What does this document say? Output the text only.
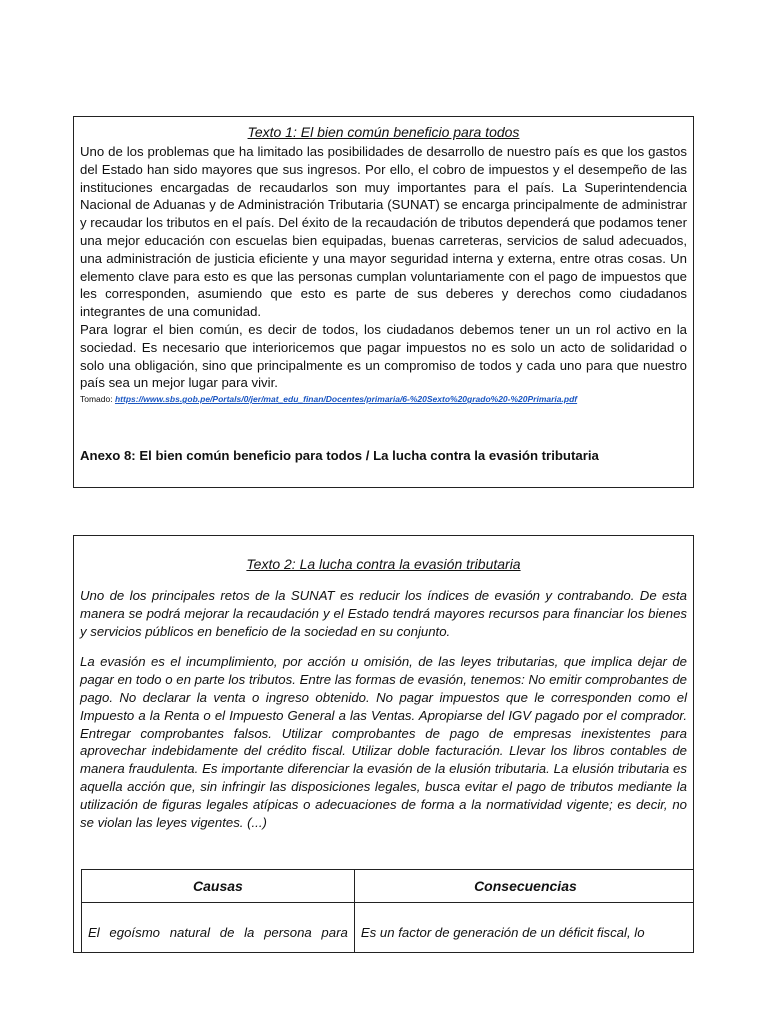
Texto 1: El bien común beneficio para todos

Uno de los problemas que ha limitado las posibilidades de desarrollo de nuestro país es que los gastos del Estado han sido mayores que sus ingresos. Por ello, el cobro de impuestos y el desempeño de las instituciones encargadas de recaudarlos son muy importantes para el país. La Superintendencia Nacional de Aduanas y de Administración Tributaria (SUNAT) se encarga principalmente de administrar y recaudar los tributos en el país. Del éxito de la recaudación de tributos dependerá que podamos tener una mejor educación con escuelas bien equipadas, buenas carreteras, servicios de salud adecuados, una administración de justicia eficiente y una mayor seguridad interna y externa, entre otras cosas. Un elemento clave para esto es que las personas cumplan voluntariamente con el pago de impuestos que les corresponden, asumiendo que esto es parte de sus deberes y derechos como ciudadanos integrantes de una comunidad.

Para lograr el bien común, es decir de todos, los ciudadanos debemos tener un un rol activo en la sociedad. Es necesario que interioricemos que pagar impuestos no es solo un acto de solidaridad o solo una obligación, sino que principalmente es un compromiso de todos y cada uno para que nuestro país sea un mejor lugar para vivir.

Tomado: https://www.sbs.gob.pe/Portals/0/jer/mat_edu_finan/Docentes/primaria/6-%20Sexto%20grado%20-%20Primaria.pdf

Anexo 8: El bien común beneficio para todos / La lucha contra la evasión tributaria

Texto 2: La lucha contra la evasión tributaria

Uno de los principales retos de la SUNAT es reducir los índices de evasión y contrabando. De esta manera se podrá mejorar la recaudación y el Estado tendrá mayores recursos para financiar los bienes y servicios públicos en beneficio de la sociedad en su conjunto.

La evasión es el incumplimiento, por acción u omisión, de las leyes tributarias, que implica dejar de pagar en todo o en parte los tributos. Entre las formas de evasión, tenemos: No emitir comprobantes de pago. No declarar la venta o ingreso obtenido. No pagar impuestos que le corresponden como el Impuesto a la Renta o el Impuesto General a las Ventas. Apropiarse del IGV pagado por el comprador. Entregar comprobantes falsos. Utilizar comprobantes de pago de empresas inexistentes para aprovechar indebidamente del crédito fiscal. Utilizar doble facturación. Llevar los libros contables de manera fraudulenta. Es importante diferenciar la evasión de la elusión tributaria. La elusión tributaria es aquella acción que, sin infringir las disposiciones legales, busca evitar el pago de tributos mediante la utilización de figuras legales atípicas o adecuaciones de forma a la normatividad vigente; es decir, no se violan las leyes vigentes. (...)

Causas	Consecuencias
El egoísmo natural de la persona para	Es un factor de generación de un déficit fiscal, lo
